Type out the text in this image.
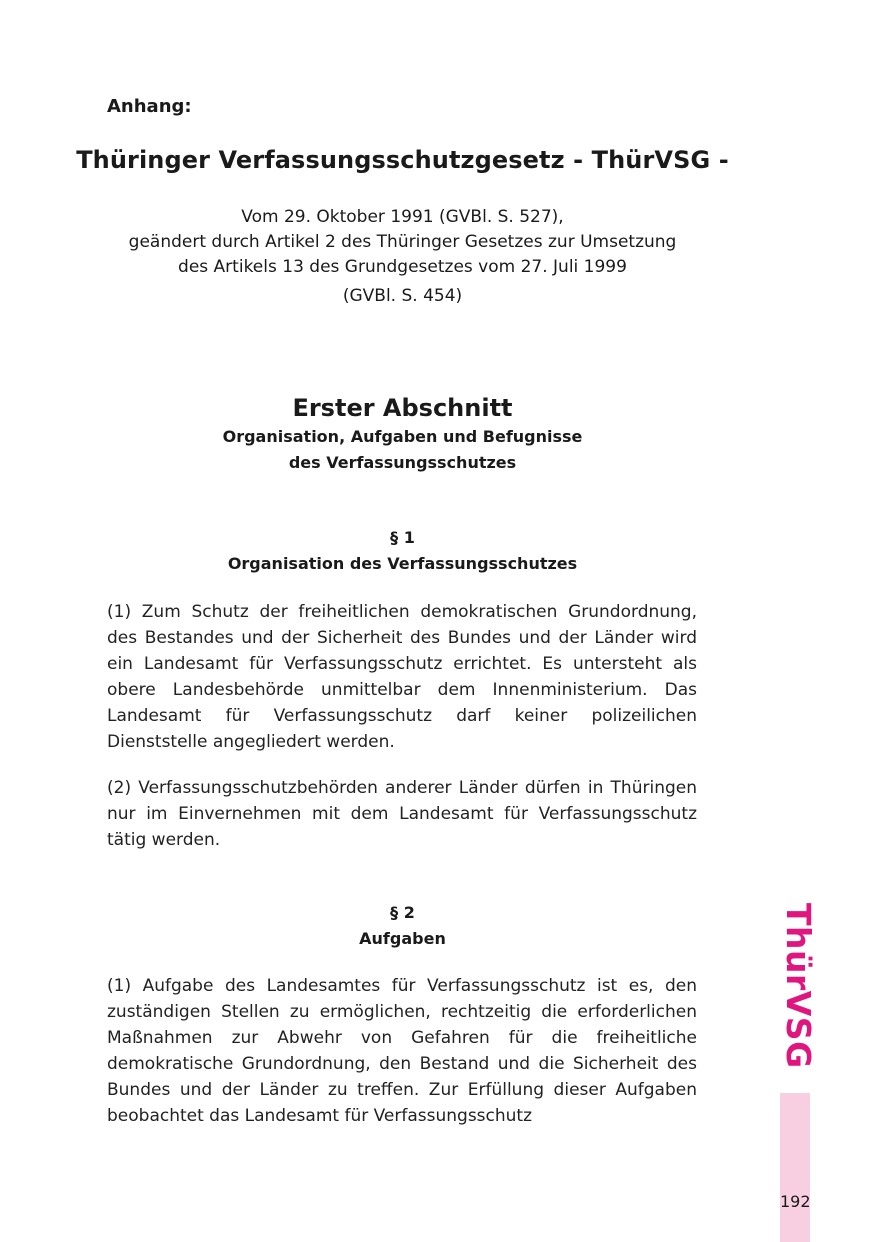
Anhang:

Thüringer Verfassungsschutzgesetz - ThürVSG -

Vom 29. Oktober 1991 (GVBl. S. 527),

geändert durch Artikel 2 des Thüringer Gesetzes zur Umsetzung

des Artikels 13 des Grundgesetzes vom 27. Juli 1999

(GVBl. S. 454)

Erster Abschnitt

Organisation, Aufgaben und Befugnisse

des Verfassungsschutzes

§ 1

Organisation des Verfassungsschutzes

(1) Zum Schutz der freiheitlichen demokratischen Grundordnung, des Bestandes und der Sicherheit des Bundes und der Länder wird ein Landesamt für Verfassungsschutz errichtet. Es untersteht als obere Landesbehörde unmittelbar dem Innenministerium. Das Landesamt für Verfassungsschutz darf keiner polizeilichen Dienststelle angegliedert werden.

(2) Verfassungsschutzbehörden anderer Länder dürfen in Thüringen nur im Einvernehmen mit dem Landesamt für Verfassungsschutz tätig werden.

§ 2

Aufgaben

(1) Aufgabe des Landesamtes für Verfassungsschutz ist es, den zuständigen Stellen zu ermöglichen, rechtzeitig die erforderlichen Maßnahmen zur Abwehr von Gefahren für die freiheitliche demokratische Grundordnung, den Bestand und die Sicherheit des Bundes und der Länder zu treffen. Zur Erfüllung dieser Aufgaben beobachtet das Landesamt für Verfassungsschutz

ThürVSG
192
